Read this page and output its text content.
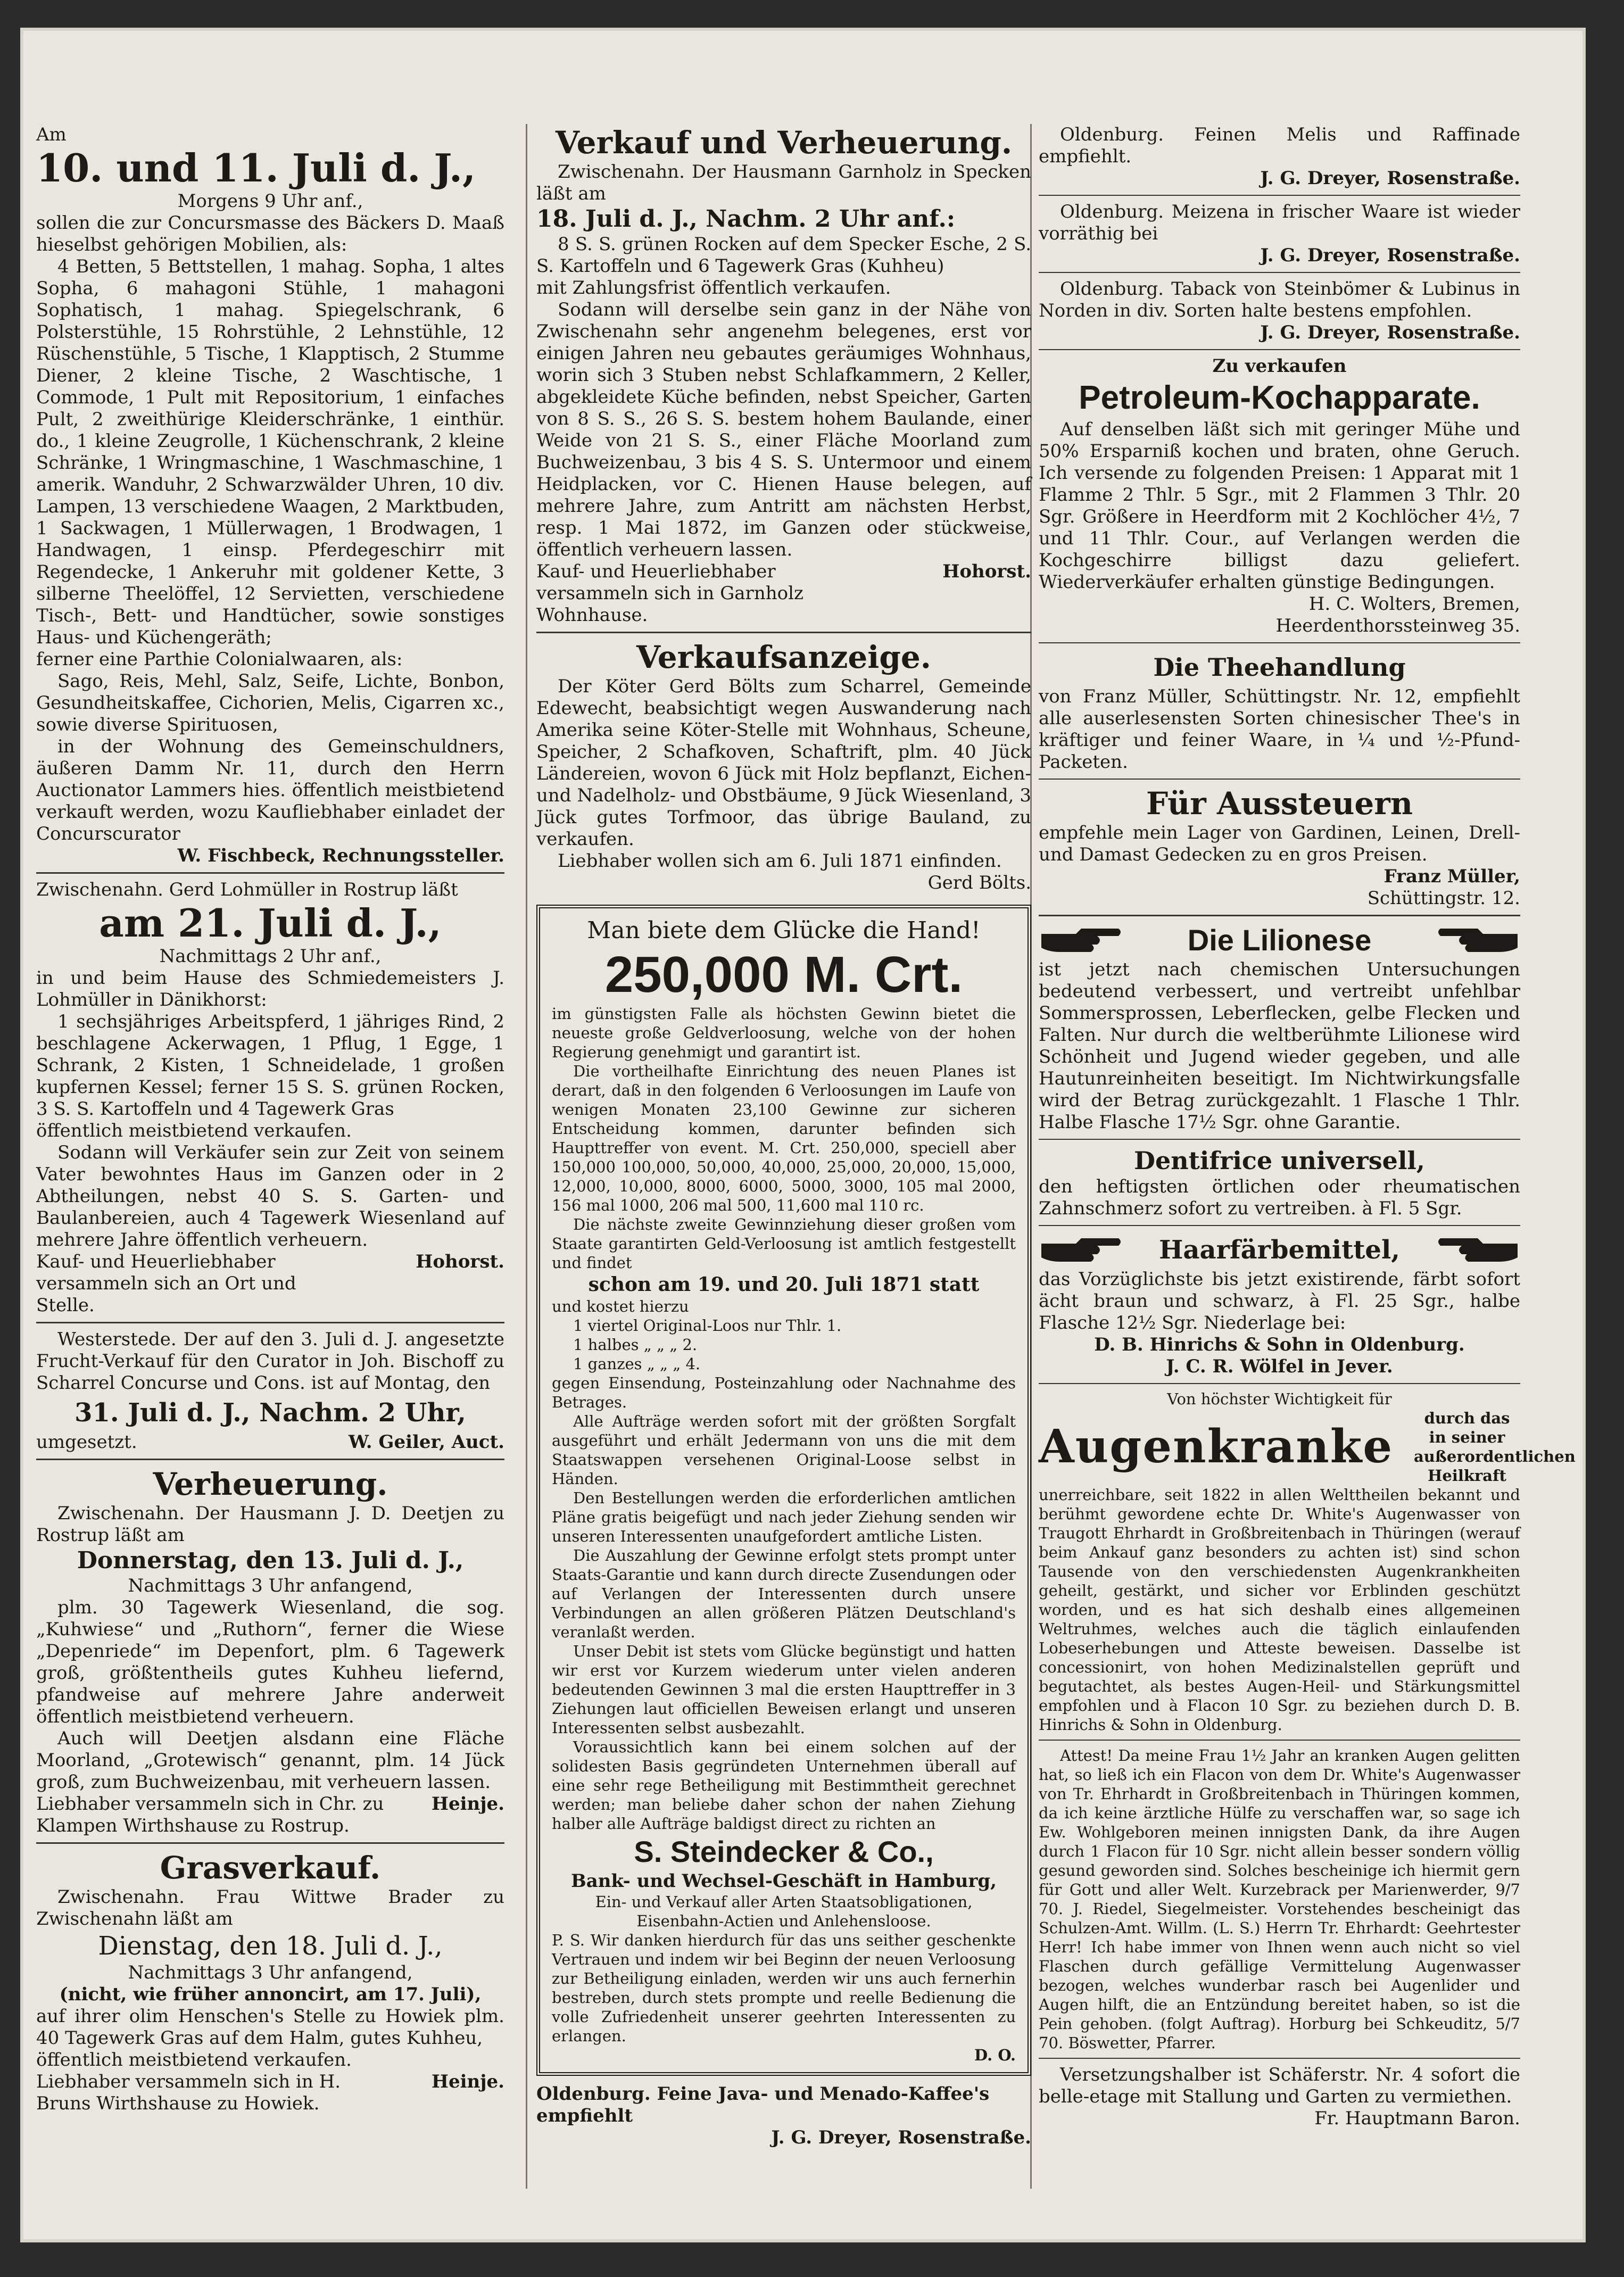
Am

10. und 11. Juli d. J.,

Morgens 9 Uhr anf.,

sollen die zur Concursmasse des Bäckers D. Maaß hieselbst gehörigen Mobilien, als:

4 Betten, 5 Bettstellen, 1 mahag. Sopha, 1 altes Sopha, 6 mahagoni Stühle, 1 mahagoni Sophatisch, 1 mahag. Spiegelschrank, 6 Polsterstühle, 15 Rohrstühle, 2 Lehnstühle, 12 Rüschenstühle, 5 Tische, 1 Klapptisch, 2 Stumme Diener, 2 kleine Tische, 2 Waschtische, 1 Commode, 1 Pult mit Repositorium, 1 einfaches Pult, 2 zweithürige Kleiderschränke, 1 einthür. do., 1 kleine Zeugrolle, 1 Küchenschrank, 2 kleine Schränke, 1 Wringmaschine, 1 Waschmaschine, 1 amerik. Wanduhr, 2 Schwarzwälder Uhren, 10 div. Lampen, 13 verschiedene Waagen, 2 Marktbuden, 1 Sackwagen, 1 Müllerwagen, 1 Brodwagen, 1 Handwagen, 1 einsp. Pferdegeschirr mit Regendecke, 1 Ankeruhr mit goldener Kette, 3 silberne Theelöffel, 12 Servietten, verschiedene Tisch-, Bett- und Handtücher, sowie sonstiges Haus- und Küchengeräth;

ferner eine Parthie Colonialwaaren, als:

Sago, Reis, Mehl, Salz, Seife, Lichte, Bonbon, Gesundheitskaffee, Cichorien, Melis, Cigarren xc., sowie diverse Spirituosen,

in der Wohnung des Gemeinschuldners, äußeren Damm Nr. 11, durch den Herrn Auctionator Lammers hies. öffentlich meistbietend verkauft werden, wozu Kaufliebhaber einladet der Concurscurator

W. Fischbeck, Rechnungssteller.

Zwischenahn. Gerd Lohmüller in Rostrup läßt

am 21. Juli d. J.,

Nachmittags 2 Uhr anf.,

in und beim Hause des Schmiedemeisters J. Lohmüller in Dänikhorst:

1 sechsjähriges Arbeitspferd, 1 jähriges Rind, 2 beschlagene Ackerwagen, 1 Pflug, 1 Egge, 1 Schrank, 2 Kisten, 1 Schneidelade, 1 großen kupfernen Kessel; ferner 15 S. S. grünen Rocken, 3 S. S. Kartoffeln und 4 Tagewerk Gras

öffentlich meistbietend verkaufen.

Sodann will Verkäufer sein zur Zeit von seinem Vater bewohntes Haus im Ganzen oder in 2 Abtheilungen, nebst 40 S. S. Garten- und Baulanbereien, auch 4 Tagewerk Wiesenland auf mehrere Jahre öffentlich verheuern.

Kauf- und Heuerliebhaber versammeln sich an Ort und Stelle.

Hohorst.

Westerstede. Der auf den 3. Juli d. J. angesetzte Frucht-Verkauf für den Curator in Joh. Bischoff zu Scharrel Concurse und Cons. ist auf Montag, den

31. Juli d. J., Nachm. 2 Uhr,

umgesetzt.	W. Geiler, Auct.

Verheuerung.

Zwischenahn. Der Hausmann J. D. Deetjen zu Rostrup läßt am

Donnerstag, den 13. Juli d. J.,

Nachmittags 3 Uhr anfangend,

plm. 30 Tagewerk Wiesenland, die sog. „Kuhwiese“ und „Ruthorn“, ferner die Wiese „Depenriede“ im Depenfort, plm. 6 Tagewerk groß, größtentheils gutes Kuhheu liefernd, pfandweise auf mehrere Jahre anderweit öffentlich meistbietend verheuern.

Auch will Deetjen alsdann eine Fläche Moorland, „Grotewisch“ genannt, plm. 14 Jück groß, zum Buchweizenbau, mit verheuern lassen.

Liebhaber versammeln sich in Chr. zu Klampen Wirthshause zu Rostrup.

Heinje.

Grasverkauf.

Zwischenahn. Frau Wittwe Brader zu Zwischenahn läßt am

Dienstag, den 18. Juli d. J.,

Nachmittags 3 Uhr anfangend,

(nicht, wie früher annoncirt, am 17. Juli),

auf ihrer olim Henschen's Stelle zu Howiek plm. 40 Tagewerk Gras auf dem Halm, gutes Kuhheu,

öffentlich meistbietend verkaufen.

Liebhaber versammeln sich in H. Bruns Wirthshause zu Howiek.

Heinje.

Verkauf und Verheuerung.

Zwischenahn. Der Hausmann Garnholz in Specken läßt am

18. Juli d. J., Nachm. 2 Uhr anf.:

8 S. S. grünen Rocken auf dem Specker Esche, 2 S. S. Kartoffeln und 6 Tagewerk Gras (Kuhheu)

mit Zahlungsfrist öffentlich verkaufen.

Sodann will derselbe sein ganz in der Nähe von Zwischenahn sehr angenehm belegenes, erst vor einigen Jahren neu gebautes geräumiges Wohnhaus, worin sich 3 Stuben nebst Schlafkammern, 2 Keller, abgekleidete Küche befinden, nebst Speicher, Garten von 8 S. S., 26 S. S. bestem hohem Baulande, einer Weide von 21 S. S., einer Fläche Moorland zum Buchweizenbau, 3 bis 4 S. S. Untermoor und einem Heidplacken, vor C. Hienen Hause belegen, auf mehrere Jahre, zum Antritt am nächsten Herbst, resp. 1 Mai 1872, im Ganzen oder stückweise, öffentlich verheuern lassen.

Kauf- und Heuerliebhaber versammeln sich in Garnholz Wohnhause.

Hohorst.

Verkaufsanzeige.

Der Köter Gerd Bölts zum Scharrel, Gemeinde Edewecht, beabsichtigt wegen Auswanderung nach Amerika seine Köter-Stelle mit Wohnhaus, Scheune, Speicher, 2 Schafkoven, Schaftrift, plm. 40 Jück Ländereien, wovon 6 Jück mit Holz bepflanzt, Eichen- und Nadelholz- und Obstbäume, 9 Jück Wiesenland, 3 Jück gutes Torfmoor, das übrige Bauland, zu verkaufen.

Liebhaber wollen sich am 6. Juli 1871 einfinden.

Gerd Bölts.

Man biete dem Glücke die Hand!

250,000 M. Crt.

im günstigsten Falle als höchsten Gewinn bietet die neueste große Geldverloosung, welche von der hohen Regierung genehmigt und garantirt ist.

Die vortheilhafte Einrichtung des neuen Planes ist derart, daß in den folgenden 6 Verloosungen im Laufe von wenigen Monaten 23,100 Gewinne zur sicheren Entscheidung kommen, darunter befinden sich Haupttreffer von event. M. Crt. 250,000, speciell aber 150,000 100,000, 50,000, 40,000, 25,000, 20,000, 15,000, 12,000, 10,000, 8000, 6000, 5000, 3000, 105 mal 2000, 156 mal 1000, 206 mal 500, 11,600 mal 110 rc.

Die nächste zweite Gewinnziehung dieser großen vom Staate garantirten Geld-Verloosung ist amtlich festgestellt und findet

schon am 19. und 20. Juli 1871 statt

und kostet hierzu

1 viertel Original-Loos nur Thlr. 1.

1 halbes „ „ „ 2.

1 ganzes „ „ „ 4.

gegen Einsendung, Posteinzahlung oder Nachnahme des Betrages.

Alle Aufträge werden sofort mit der größten Sorgfalt ausgeführt und erhält Jedermann von uns die mit dem Staatswappen versehenen Original-Loose selbst in Händen.

Den Bestellungen werden die erforderlichen amtlichen Pläne gratis beigefügt und nach jeder Ziehung senden wir unseren Interessenten unaufgefordert amtliche Listen.

Die Auszahlung der Gewinne erfolgt stets prompt unter Staats-Garantie und kann durch directe Zusendungen oder auf Verlangen der Interessenten durch unsere Verbindungen an allen größeren Plätzen Deutschland's veranlaßt werden.

Unser Debit ist stets vom Glücke begünstigt und hatten wir erst vor Kurzem wiederum unter vielen anderen bedeutenden Gewinnen 3 mal die ersten Haupttreffer in 3 Ziehungen laut officiellen Beweisen erlangt und unseren Interessenten selbst ausbezahlt.

Voraussichtlich kann bei einem solchen auf der solidesten Basis gegründeten Unternehmen überall auf eine sehr rege Betheiligung mit Bestimmtheit gerechnet werden; man beliebe daher schon der nahen Ziehung halber alle Aufträge baldigst direct zu richten an

S. Steindecker & Co.,

Bank- und Wechsel-Geschäft in Hamburg,

Ein- und Verkauf aller Arten Staatsobligationen, Eisenbahn-Actien und Anlehensloose.

P. S. Wir danken hierdurch für das uns seither geschenkte Vertrauen und indem wir bei Beginn der neuen Verloosung zur Betheiligung einladen, werden wir uns auch fernerhin bestreben, durch stets prompte und reelle Bedienung die volle Zufriedenheit unserer geehrten Interessenten zu erlangen.

D. O.

Oldenburg. Feine Java- und Menado-Kaffee's empfiehlt

J. G. Dreyer, Rosenstraße.

Oldenburg. Feinen Melis und Raffinade empfiehlt.

J. G. Dreyer, Rosenstraße.

Oldenburg. Meizena in frischer Waare ist wieder vorräthig bei

J. G. Dreyer, Rosenstraße.

Oldenburg. Taback von Steinbömer & Lubinus in Norden in div. Sorten halte bestens empfohlen.

J. G. Dreyer, Rosenstraße.

Zu verkaufen

Petroleum-Kochapparate.

Auf denselben läßt sich mit geringer Mühe und 50% Ersparniß kochen und braten, ohne Geruch. Ich versende zu folgenden Preisen: 1 Apparat mit 1 Flamme 2 Thlr. 5 Sgr., mit 2 Flammen 3 Thlr. 20 Sgr. Größere in Heerdform mit 2 Kochlöcher 4½, 7 und 11 Thlr. Cour., auf Verlangen werden die Kochgeschirre billigst dazu geliefert. Wiederverkäufer erhalten günstige Bedingungen.

H. C. Wolters, Bremen,

Heerdenthorssteinweg 35.

Die Theehandlung

von Franz Müller, Schüttingstr. Nr. 12, empfiehlt alle auserlesensten Sorten chinesischer Thee's in kräftiger und feiner Waare, in ¼ und ½-Pfund-Packeten.

Für Aussteuern

empfehle mein Lager von Gardinen, Leinen, Drell- und Damast Gedecken zu en gros Preisen.

Franz Müller,

Schüttingstr. 12.

Die Lilionese

ist jetzt nach chemischen Untersuchungen bedeutend verbessert, und vertreibt unfehlbar Sommersprossen, Leberflecken, gelbe Flecken und Falten. Nur durch die weltberühmte Lilionese wird Schönheit und Jugend wieder gegeben, und alle Hautunreinheiten beseitigt. Im Nichtwirkungsfalle wird der Betrag zurückgezahlt. 1 Flasche 1 Thlr. Halbe Flasche 17½ Sgr. ohne Garantie.

Dentifrice universell,

den heftigsten örtlichen oder rheumatischen Zahnschmerz sofort zu vertreiben. à Fl. 5 Sgr.

Haarfärbemittel,

das Vorzüglichste bis jetzt existirende, färbt sofort ächt braun und schwarz, à Fl. 25 Sgr., halbe Flasche 12½ Sgr. Niederlage bei:

D. B. Hinrichs & Sohn in Oldenburg.

J. C. R. Wölfel in Jever.

Von höchster Wichtigkeit für

Augenkranke

durch das in seiner außerordentlichen Heilkraft

unerreichbare, seit 1822 in allen Welttheilen bekannt und berühmt gewordene echte Dr. White's Augenwasser von Traugott Ehrhardt in Großbreitenbach in Thüringen (werauf beim Ankauf ganz besonders zu achten ist) sind schon Tausende von den verschiedensten Augenkrankheiten geheilt, gestärkt, und sicher vor Erblinden geschützt worden, und es hat sich deshalb eines allgemeinen Weltruhmes, welches auch die täglich einlaufenden Lobeserhebungen und Atteste beweisen. Dasselbe ist concessionirt, von hohen Medizinalstellen geprüft und begutachtet, als bestes Augen-Heil- und Stärkungsmittel empfohlen und à Flacon 10 Sgr. zu beziehen durch D. B. Hinrichs & Sohn in Oldenburg.

Attest! Da meine Frau 1½ Jahr an kranken Augen gelitten hat, so ließ ich ein Flacon von dem Dr. White's Augenwasser von Tr. Ehrhardt in Großbreitenbach in Thüringen kommen, da ich keine ärztliche Hülfe zu verschaffen war, so sage ich Ew. Wohlgeboren meinen innigsten Dank, da ihre Augen durch 1 Flacon für 10 Sgr. nicht allein besser sondern völlig gesund geworden sind. Solches bescheinige ich hiermit gern für Gott und aller Welt. Kurzebrack per Marienwerder, 9/7 70. J. Riedel, Siegelmeister. Vorstehendes bescheinigt das Schulzen-Amt. Willm. (L. S.) Herrn Tr. Ehrhardt: Geehrtester Herr! Ich habe immer von Ihnen wenn auch nicht so viel Flaschen durch gefällige Vermittelung Augenwasser bezogen, welches wunderbar rasch bei Augenlider und Augen hilft, die an Entzündung bereitet haben, so ist die Pein gehoben. (folgt Auftrag). Horburg bei Schkeuditz, 5/7 70. Böswetter, Pfarrer.

Versetzungshalber ist Schäferstr. Nr. 4 sofort die belle-etage mit Stallung und Garten zu vermiethen.

Fr. Hauptmann Baron.
